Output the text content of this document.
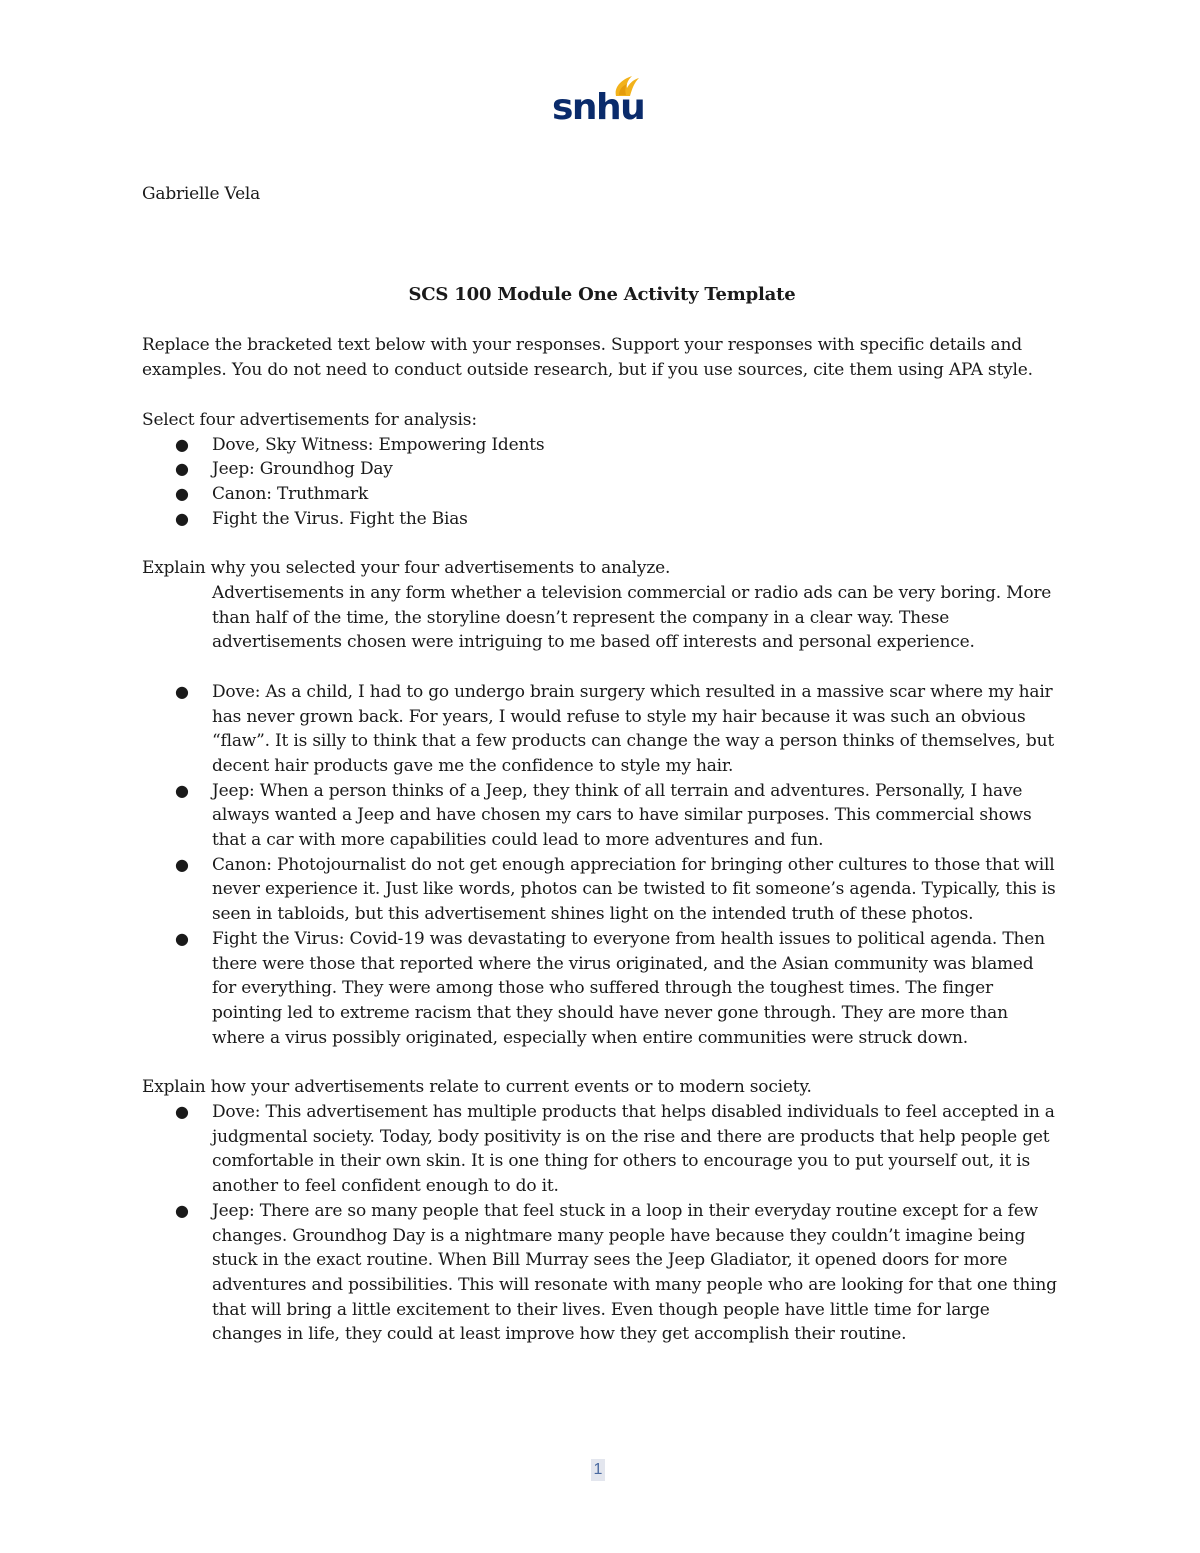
snhu

Gabrielle Vela

SCS 100 Module One Activity Template

Replace the bracketed text below with your responses. Support your responses with specific details and examples. You do not need to conduct outside research, but if you use sources, cite them using APA style.

Select four advertisements for analysis:

● Dove, Sky Witness: Empowering Idents
● Jeep: Groundhog Day
● Canon: Truthmark
● Fight the Virus. Fight the Bias

Explain why you selected your four advertisements to analyze.

Advertisements in any form whether a television commercial or radio ads can be very boring. More than half of the time, the storyline doesn’t represent the company in a clear way. These advertisements chosen were intriguing to me based off interests and personal experience.

● Dove: As a child, I had to go undergo brain surgery which resulted in a massive scar where my hair has never grown back. For years, I would refuse to style my hair because it was such an obvious “flaw”. It is silly to think that a few products can change the way a person thinks of themselves, but decent hair products gave me the confidence to style my hair.
● Jeep: When a person thinks of a Jeep, they think of all terrain and adventures. Personally, I have always wanted a Jeep and have chosen my cars to have similar purposes. This commercial shows that a car with more capabilities could lead to more adventures and fun.
● Canon: Photojournalist do not get enough appreciation for bringing other cultures to those that will never experience it. Just like words, photos can be twisted to fit someone’s agenda. Typically, this is seen in tabloids, but this advertisement shines light on the intended truth of these photos.
● Fight the Virus: Covid-19 was devastating to everyone from health issues to political agenda. Then there were those that reported where the virus originated, and the Asian community was blamed for everything. They were among those who suffered through the toughest times. The finger pointing led to extreme racism that they should have never gone through. They are more than where a virus possibly originated, especially when entire communities were struck down.

Explain how your advertisements relate to current events or to modern society.

● Dove: This advertisement has multiple products that helps disabled individuals to feel accepted in a judgmental society. Today, body positivity is on the rise and there are products that help people get comfortable in their own skin. It is one thing for others to encourage you to put yourself out, it is another to feel confident enough to do it.
● Jeep: There are so many people that feel stuck in a loop in their everyday routine except for a few changes. Groundhog Day is a nightmare many people have because they couldn’t imagine being stuck in the exact routine. When Bill Murray sees the Jeep Gladiator, it opened doors for more adventures and possibilities. This will resonate with many people who are looking for that one thing that will bring a little excitement to their lives. Even though people have little time for large changes in life, they could at least improve how they get accomplish their routine.
1
